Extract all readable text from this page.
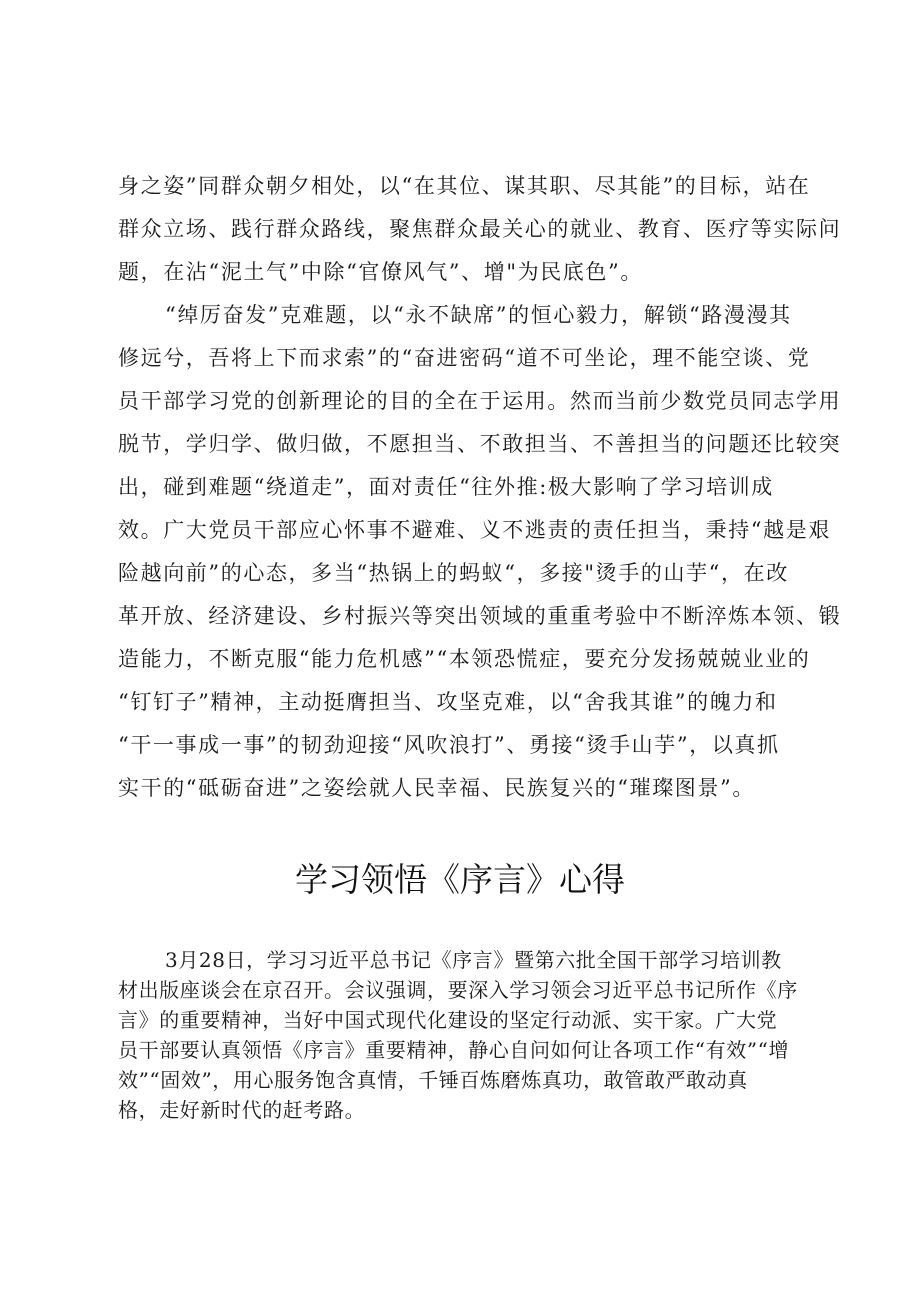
身之姿”同群众朝夕相处，以“在其位、谋其职、尽其能”的目标，站在
群众立场、践行群众路线，聚焦群众最关心的就业、教育、医疗等实际问
题，在沾“泥土气”中除“官僚风气”、增"为民底色”。
“绰厉奋发”克难题，以“永不缺席”的恒心毅力，解锁“路漫漫其
修远兮，吾将上下而求索”的“奋进密码“道不可坐论，理不能空谈、党
员干部学习党的创新理论的目的全在于运用。然而当前少数党员同志学用
脱节，学归学、做归做，不愿担当、不敢担当、不善担当的问题还比较突
出，碰到难题“绕道走”，面对责任“往外推:极大影响了学习培训成
效。广大党员干部应心怀事不避难、义不逃责的责任担当，秉持“越是艰
险越向前”的心态，多当“热锅上的蚂蚁“，多接"烫手的山芋“，在改
革开放、经济建设、乡村振兴等突出领域的重重考验中不断淬炼本领、锻
造能力，不断克服“能力危机感”“本领恐慌症，要充分发扬兢兢业业的
“钉钉子”精神，主动挺膺担当、攻坚克难，以“舍我其谁”的魄力和
“干一事成一事”的韧劲迎接“风吹浪打”、勇接“烫手山芋”，以真抓
实干的“砥砺奋进”之姿绘就人民幸福、民族复兴的“璀璨图景”。
学习领悟《序言》心得
3月28日，学习习近平总书记《序言》暨第六批全国干部学习培训教
材出版座谈会在京召开。会议强调，要深入学习领会习近平总书记所作《序
言》的重要精神，当好中国式现代化建设的坚定行动派、实干家。广大党
员干部要认真领悟《序言》重要精神，静心自问如何让各项工作“有效”“增
效”“固效”，用心服务饱含真情，千锤百炼磨炼真功，敢管敢严敢动真
格，走好新时代的赶考路。
